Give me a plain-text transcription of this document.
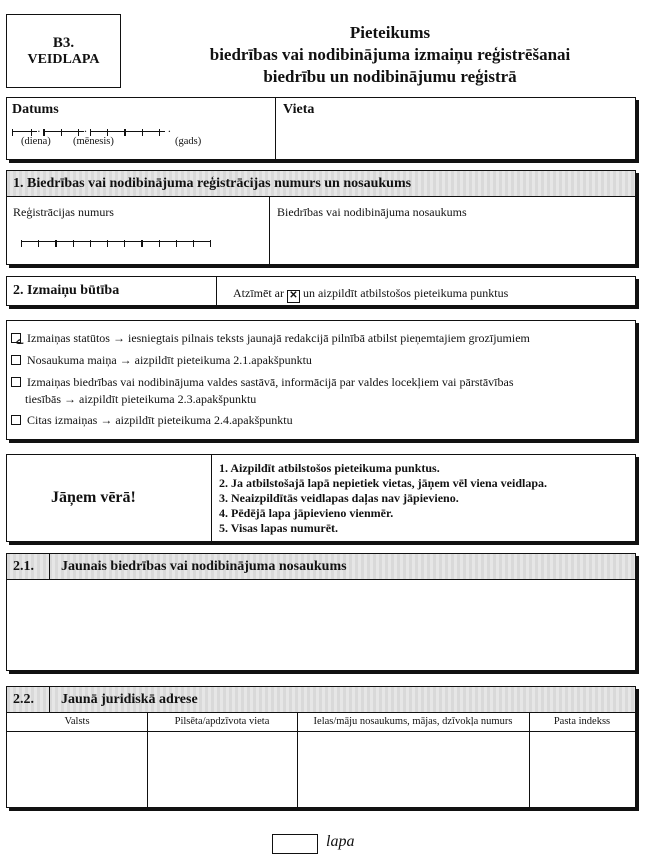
B3.
VEIDLAPA
Pieteikums
biedrības vai nodibinājuma izmaiņu reģistrēšanai
biedrību un nodibinājumu reģistrā
Datums
.	.	.
(diena) (mēnesis)	(gads)
Vieta
1. Biedrības vai nodibinājuma reģistrācijas numurs un nosaukums
Reģistrācijas numurs	Biedrības vai nodibinājuma nosaukums
2. Izmaiņu būtība	Atzīmēt ar ✕ un aizpildīt atbilstošos pieteikuma punktus
ے Izmaiņas statūtos → iesniegtais pilnais teksts jaunajā redakcijā pilnībā atbilst pieņemtajiem grozījumiem
Nosaukuma maiņa → aizpildīt pieteikuma 2.1.apakšpunktu
Izmaiņas biedrības vai nodibinājuma valdes sastāvā, informācijā par valdes locekļiem vai pārstāvības
tiesībās → aizpildīt pieteikuma 2.3.apakšpunktu
Citas izmaiņas → aizpildīt pieteikuma 2.4.apakšpunktu
Jāņem vērā!
1. Aizpildīt atbilstošos pieteikuma punktus.
2. Ja atbilstošajā lapā nepietiek vietas, jāņem vēl viena veidlapa.
3. Neaizpildītās veidlapas daļas nav jāpievieno.
4. Pēdējā lapa jāpievieno vienmēr.
5. Visas lapas numurēt.
2.1. Jaunais biedrības vai nodibinājuma nosaukums
2.2. Jaunā juridiskā adrese
Valsts	Pilsēta/apdzīvota vieta	Ielas/māju nosaukums, mājas, dzīvokļa numurs	Pasta indekss
lapa
